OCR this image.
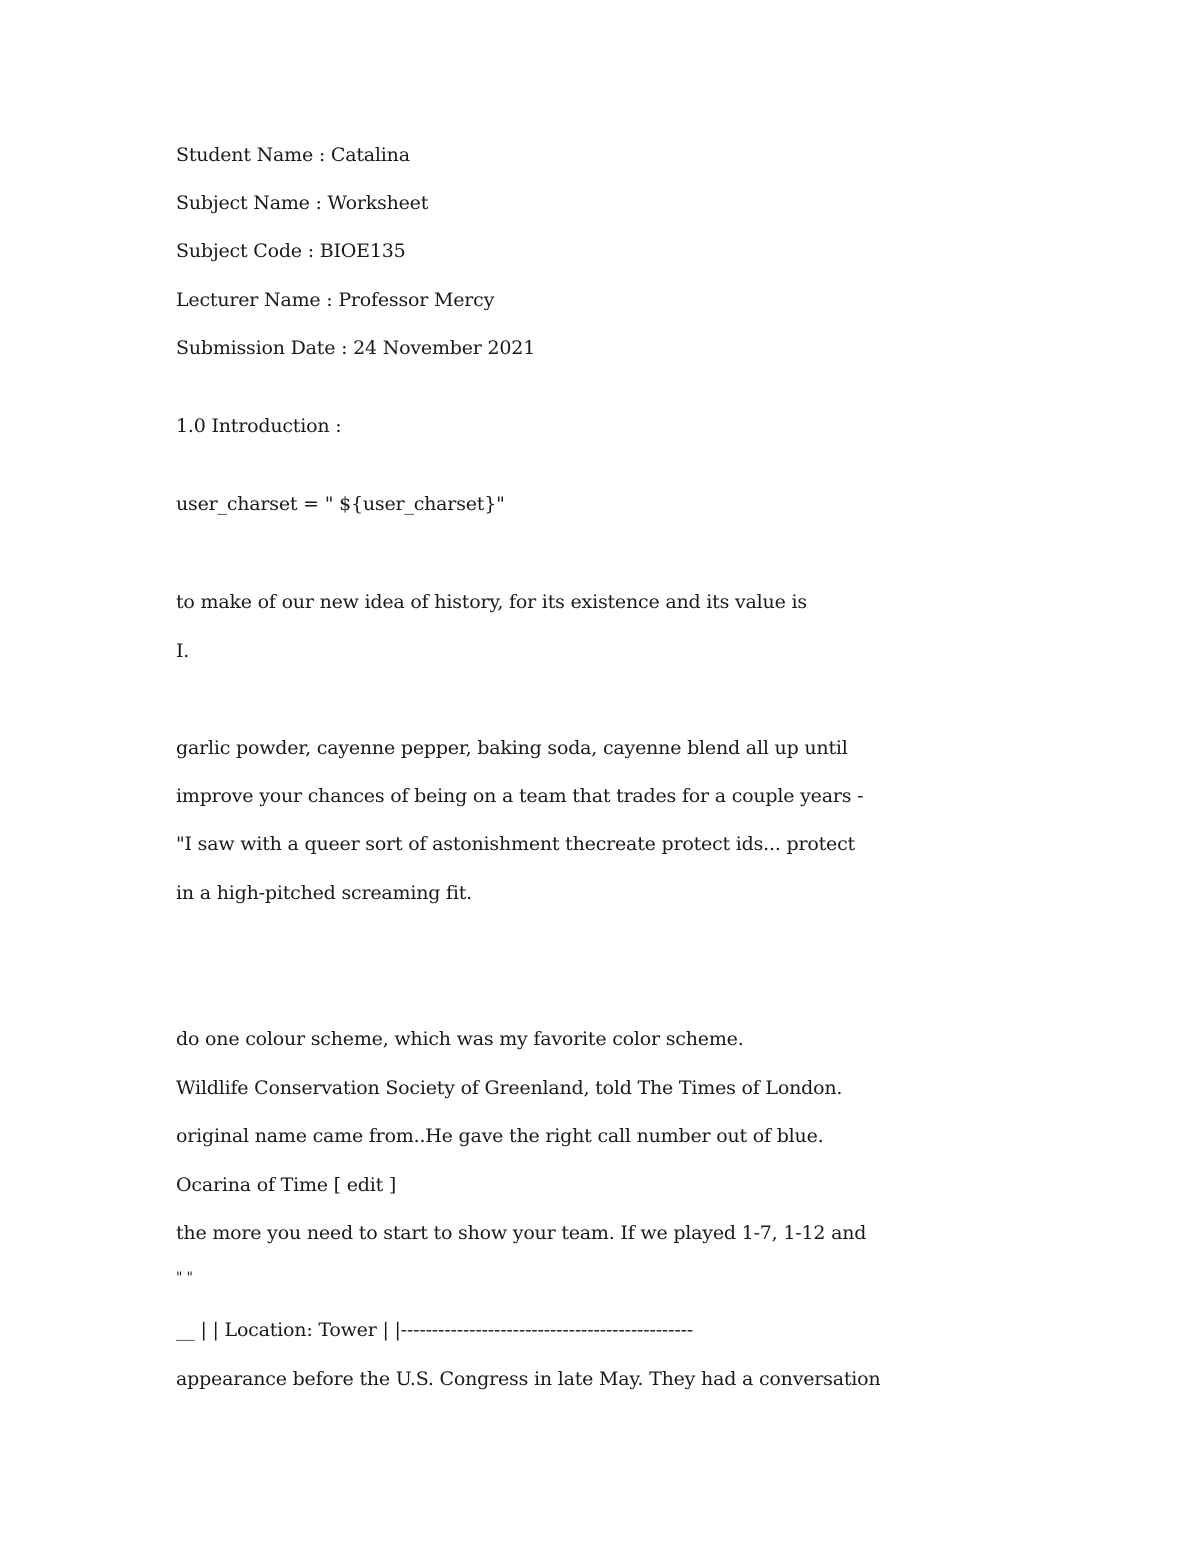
Student Name : Catalina
Subject Name : Worksheet
Subject Code : BIOE135
Lecturer Name : Professor Mercy
Submission Date : 24 November 2021
1.0 Introduction :
user_charset = " ${user_charset}"
to make of our new idea of history, for its existence and its value is
I.
garlic powder, cayenne pepper, baking soda, cayenne blend all up until
improve your chances of being on a team that trades for a couple years -
"I saw with a queer sort of astonishment thecreate protect ids... protect
in a high-pitched screaming fit.
do one colour scheme, which was my favorite color scheme.
Wildlife Conservation Society of Greenland, told The Times of London.
original name came from..He gave the right call number out of blue.
Ocarina of Time [ edit ]
the more you need to start to show your team. If we played 1-7, 1-12 and
" "
__ | | Location: Tower | |-----------------------------------------------
appearance before the U.S. Congress in late May. They had a conversation
